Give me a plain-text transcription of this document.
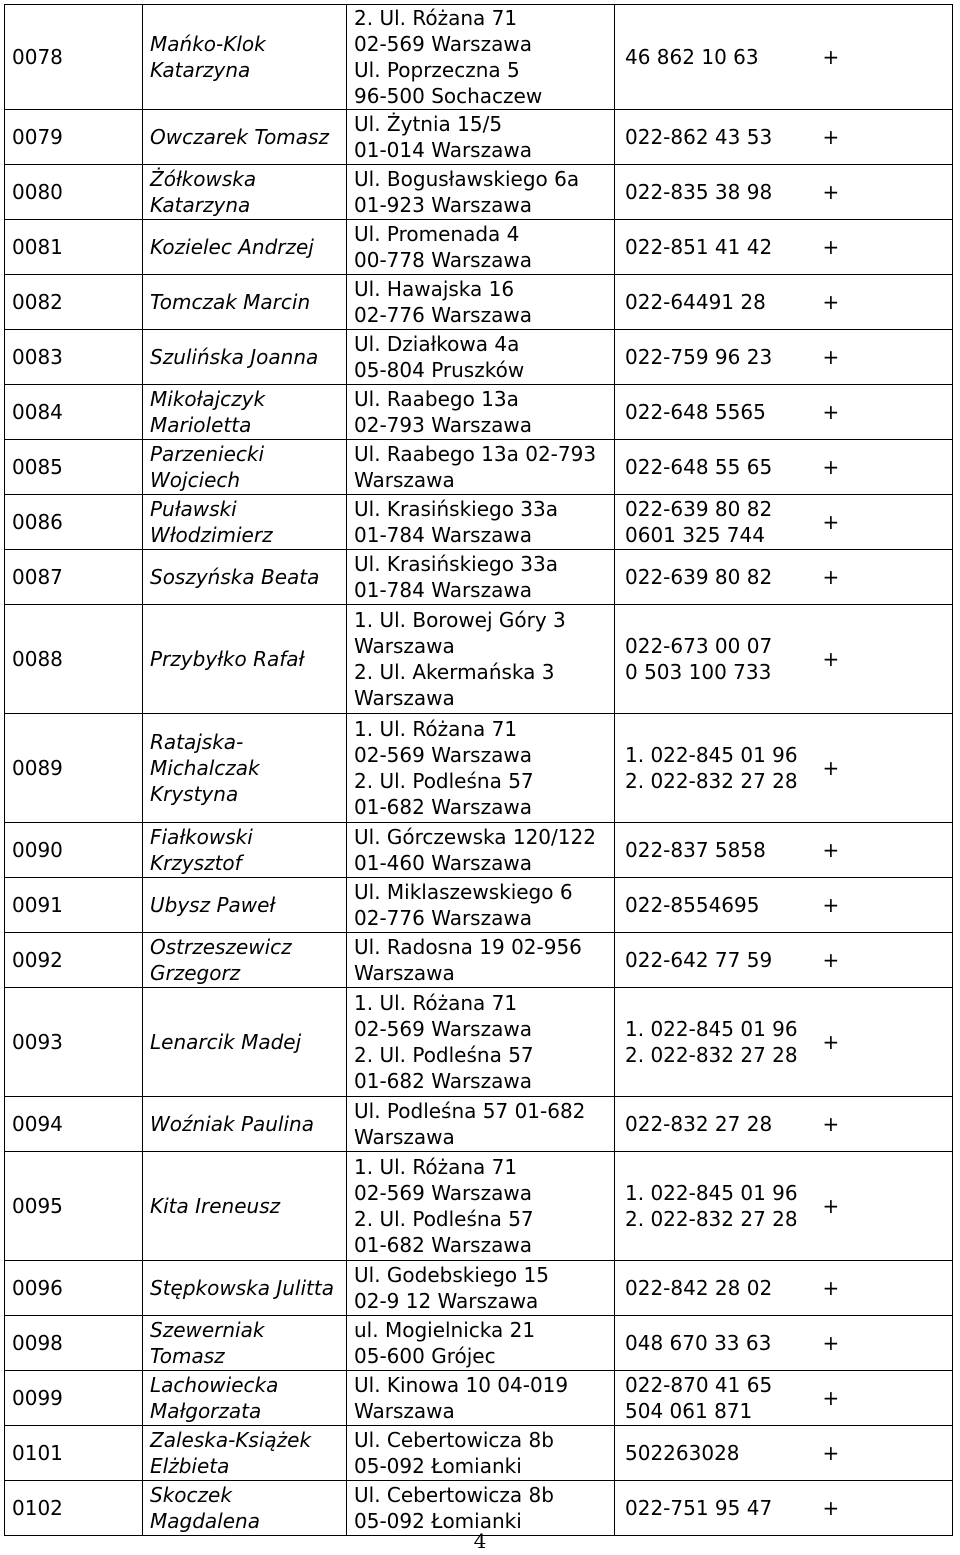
0078	Mańko-Klok
Katarzyna	2. Ul. Różana 71
02-569 Warszawa
Ul. Poprzeczna 5
96-500 Sochaczew	46 862 10 63	+
0079	Owczarek Tomasz	Ul. Żytnia 15/5
01-014 Warszawa	022-862 43 53	+
0080	Żółkowska
Katarzyna	Ul. Bogusławskiego 6a
01-923 Warszawa	022-835 38 98	+
0081	Kozielec Andrzej	Ul. Promenada 4
00-778 Warszawa	022-851 41 42	+
0082	Tomczak Marcin	Ul. Hawajska 16
02-776 Warszawa	022-64491 28	+
0083	Szulińska Joanna	Ul. Działkowa 4a
05-804 Pruszków	022-759 96 23	+
0084	Mikołajczyk
Marioletta	Ul. Raabego 13a
02-793 Warszawa	022-648 5565	+
0085	Parzeniecki
Wojciech	Ul. Raabego 13a 02-793
Warszawa	022-648 55 65	+
0086	Puławski
Włodzimierz	Ul. Krasińskiego 33a
01-784 Warszawa	022-639 80 82
0601 325 744	+
0087	Soszyńska Beata	Ul. Krasińskiego 33a
01-784 Warszawa	022-639 80 82	+
0088	Przybyłko Rafał	1. Ul. Borowej Góry 3
Warszawa
2. Ul. Akermańska 3
Warszawa	022-673 00 07
0 503 100 733	+
0089	Ratajska-
Michalczak
Krystyna	1. Ul. Różana 71
02-569 Warszawa
2. Ul. Podleśna 57
01-682 Warszawa	1. 022-845 01 96
2. 022-832 27 28	+
0090	Fiałkowski
Krzysztof	Ul. Górczewska 120/122
01-460 Warszawa	022-837 5858	+
0091	Ubysz Paweł	Ul. Miklaszewskiego 6
02-776 Warszawa	022-8554695	+
0092	Ostrzeszewicz
Grzegorz	Ul. Radosna 19 02-956
Warszawa	022-642 77 59	+
0093	Lenarcik Madej	1. Ul. Różana 71
02-569 Warszawa
2. Ul. Podleśna 57
01-682 Warszawa	1. 022-845 01 96
2. 022-832 27 28	+
0094	Woźniak Paulina	Ul. Podleśna 57 01-682
Warszawa	022-832 27 28	+
0095	Kita Ireneusz	1. Ul. Różana 71
02-569 Warszawa
2. Ul. Podleśna 57
01-682 Warszawa	1. 022-845 01 96
2. 022-832 27 28	+
0096	Stępkowska Julitta	Ul. Godebskiego 15
02-9 12 Warszawa	022-842 28 02	+
0098	Szewerniak
Tomasz	ul. Mogielnicka 21
05-600 Grójec	048 670 33 63	+
0099	Lachowiecka
Małgorzata	Ul. Kinowa 10 04-019
Warszawa	022-870 41 65
504 061 871	+
0101	Zaleska-Książek
Elżbieta	Ul. Cebertowicza 8b
05-092 Łomianki	502263028	+
0102	Skoczek
Magdalena	Ul. Cebertowicza 8b
05-092 Łomianki	022-751 95 47	+
4
